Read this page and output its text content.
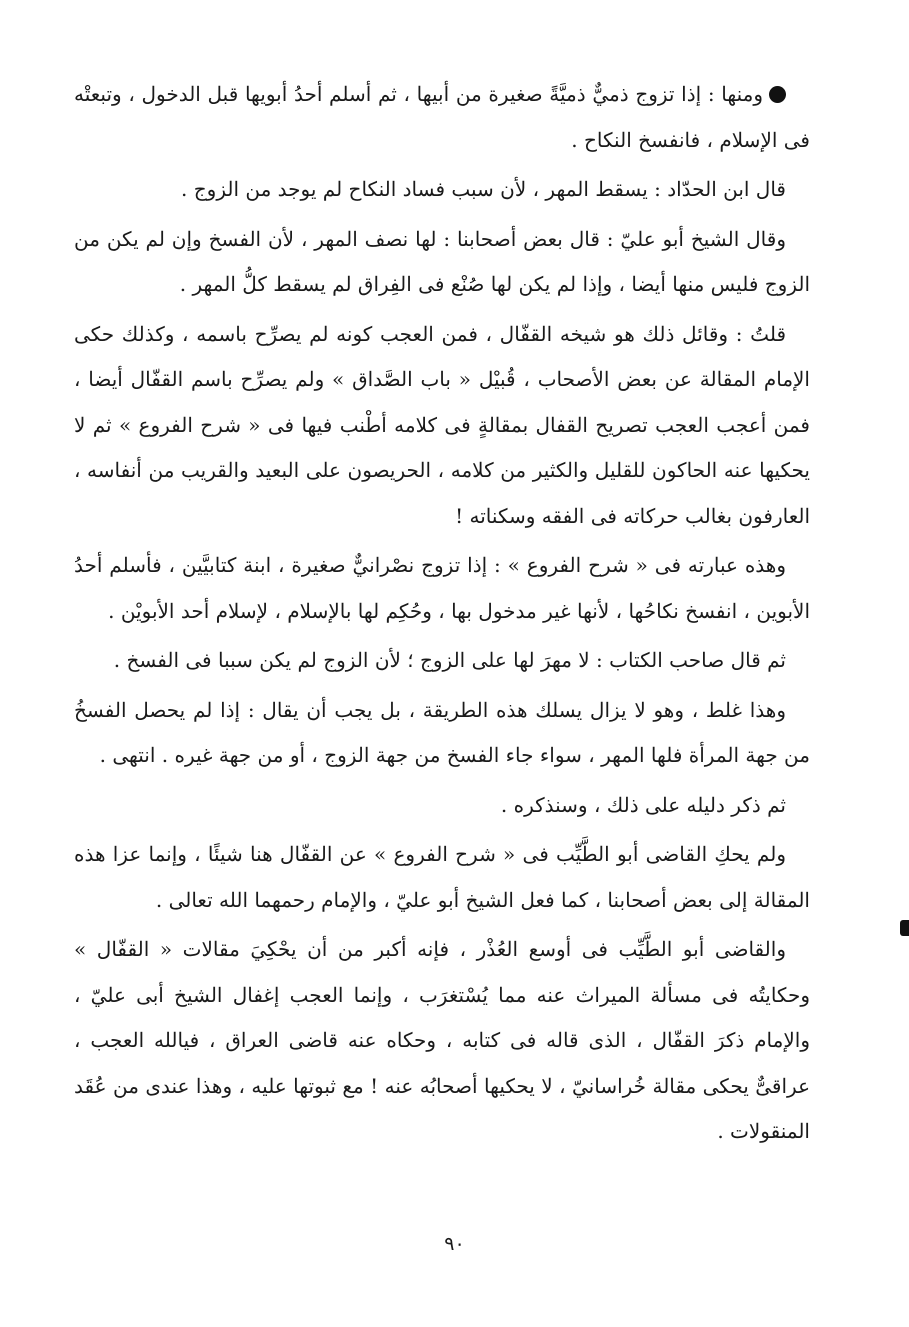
ومنها : إذا تزوج ذميٌّ ذميَّةً صغيرة من أبيها ، ثم أسلم أحدُ أبويها قبل الدخول ، وتبعتْه فى الإسلام ، فانفسخ النكاح .

قال ابن الحدّاد : يسقط المهر ، لأن سبب فساد النكاح لم يوجد من الزوج .

وقال الشيخ أبو عليّ : قال بعض أصحابنا : لها نصف المهر ، لأن الفسخ وإن لم يكن من الزوج فليس منها أيضا ، وإذا لم يكن لها صُنْع فى الفِراق لم يسقط كلُّ المهر .

قلتُ : وقائل ذلك هو شيخه القفّال ، فمن العجب كونه لم يصرِّح باسمه ، وكذلك حكى الإمام المقالة عن بعض الأصحاب ، قُبيْل « باب الصَّداق » ولم يصرِّح باسم القفّال أيضا ، فمن أعجب العجب تصريح القفال بمقالةٍ فى كلامه أطْنب فيها فى « شرح الفروع » ثم لا يحكيها عنه الحاكون للقليل والكثير من كلامه ، الحريصون على البعيد والقريب من أنفاسه ، العارفون بغالب حركاته فى الفقه وسكناته !

وهذه عبارته فى « شرح الفروع » : إذا تزوج نصْرانيٌّ صغيرة ، ابنة كتابيَّين ، فأسلم أحدُ الأبوين ، انفسخ نكاحُها ، لأنها غير مدخول بها ، وحُكِم لها بالإسلام ، لإسلام أحد الأبويْن .

ثم قال صاحب الكتاب : لا مهرَ لها على الزوج ؛ لأن الزوج لم يكن سببا فى الفسخ .

وهذا غلط ، وهو لا يزال يسلك هذه الطريقة ، بل يجب أن يقال : إذا لم يحصل الفسخُ من جهة المرأة فلها المهر ، سواء جاء الفسخ من جهة الزوج ، أو من جهة غيره . انتهى .

ثم ذكر دليله على ذلك ، وسنذكره .

ولم يحكِ القاضى أبو الطَّيِّب فى « شرح الفروع » عن القفّال هنا شيئًا ، وإنما عزا هذه المقالة إلى بعض أصحابنا ، كما فعل الشيخ أبو عليّ ، والإمام رحمهما الله تعالى .

والقاضى أبو الطَّيِّب فى أوسع العُذْر ، فإنه أكبر من أن يحْكِيَ مقالات « القفّال » وحكايتُه فى مسألة الميراث عنه مما يُسْتغرَب ، وإنما العجب إغفال الشيخ أبى عليّ ، والإمام ذكرَ القفّال ، الذى قاله فى كتابه ، وحكاه عنه قاضى العراق ، فيالله العجب ، عراقىٌّ يحكى مقالة خُراسانيّ ، لا يحكيها أصحابُه عنه ! مع ثبوتها عليه ، وهذا عندى من عُقَد المنقولات .

٩٠
